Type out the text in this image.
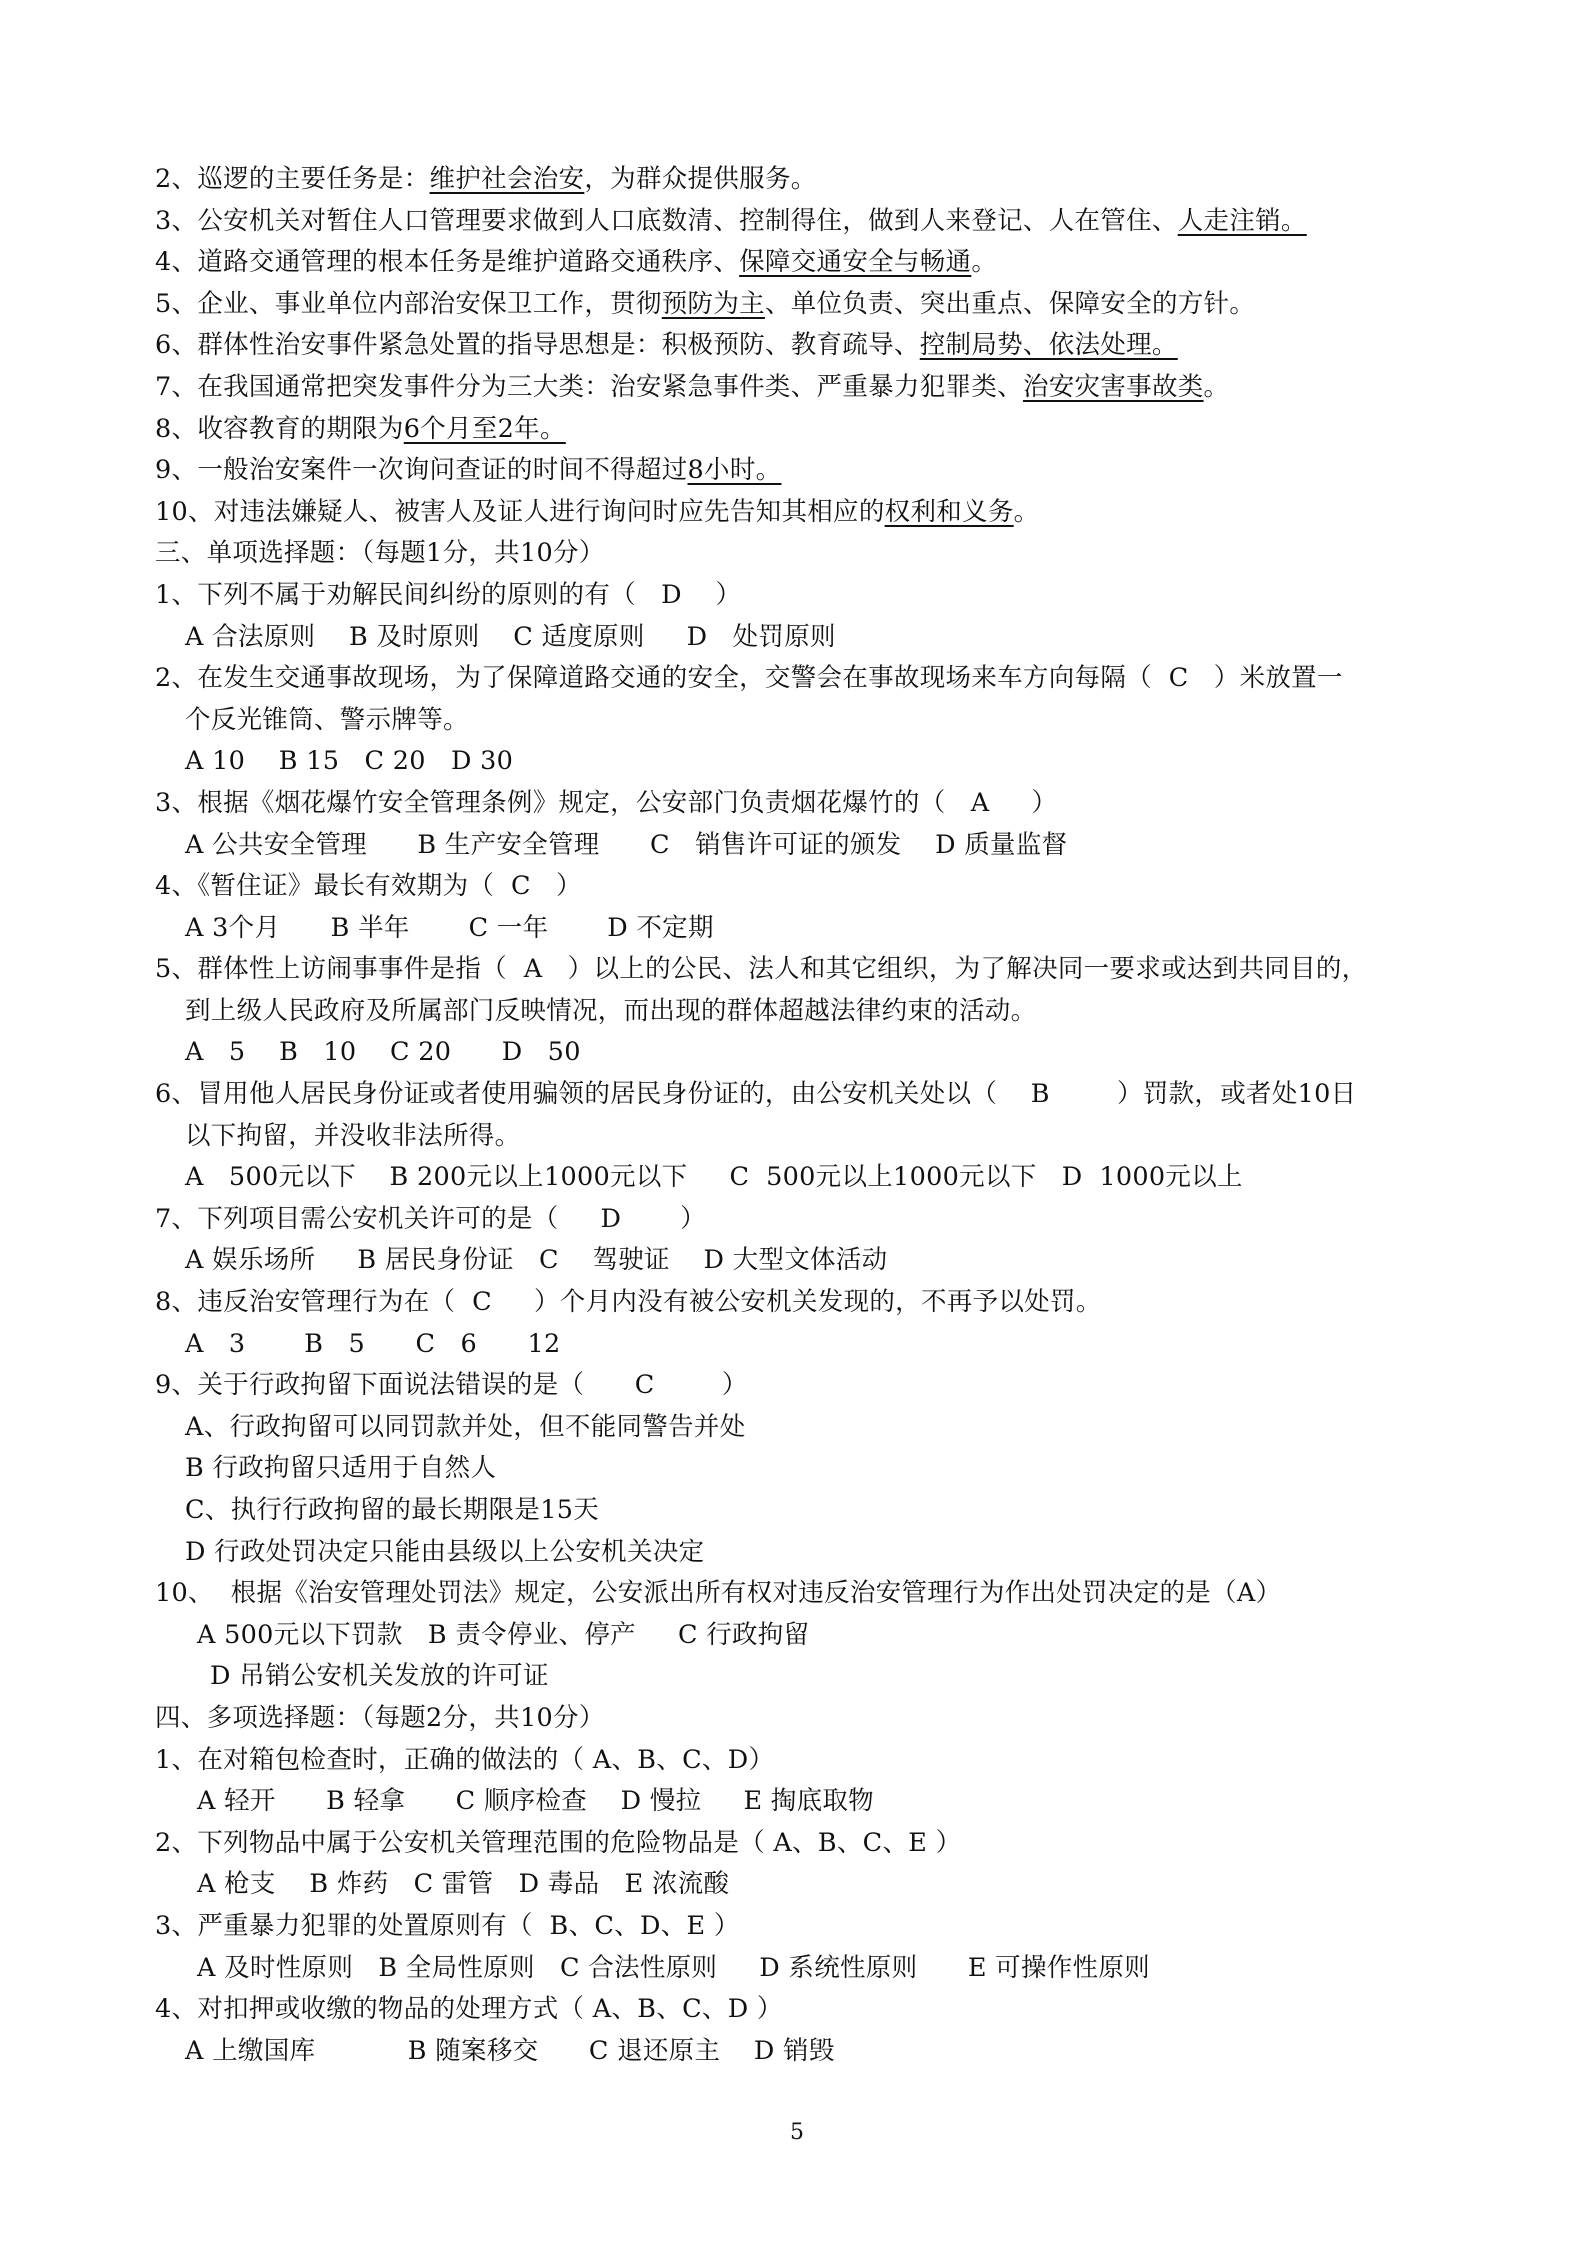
2、巡逻的主要任务是：维护社会治安，为群众提供服务。
3、公安机关对暂住人口管理要求做到人口底数清、控制得住，做到人来登记、人在管住、人走注销。
4、道路交通管理的根本任务是维护道路交通秩序、保障交通安全与畅通。
5、企业、事业单位内部治安保卫工作，贯彻预防为主、单位负责、突出重点、保障安全的方针。
6、群体性治安事件紧急处置的指导思想是：积极预防、教育疏导、控制局势、依法处理。
7、在我国通常把突发事件分为三大类：治安紧急事件类、严重暴力犯罪类、治安灾害事故类。
8、收容教育的期限为6个月至2年。
9、一般治安案件一次询问查证的时间不得超过8小时。
10、对违法嫌疑人、被害人及证人进行询问时应先告知其相应的权利和义务。
三、单项选择题：（每题1分，共10分）
1、下列不属于劝解民间纠纷的原则的有（   D    ）
A 合法原则    B 及时原则    C 适度原则     D   处罚原则
2、在发生交通事故现场，为了保障道路交通的安全，交警会在事故现场来车方向每隔（  C   ）米放置一
个反光锥筒、警示牌等。
A 10    B 15   C 20   D 30
3、根据《烟花爆竹安全管理条例》规定，公安部门负责烟花爆竹的（   A     ）
A 公共安全管理      B 生产安全管理      C   销售许可证的颁发    D 质量监督
4、《暂住证》最长有效期为（  C   ）
A 3个月      B 半年       C 一年       D 不定期
5、群体性上访闹事事件是指（  A   ）以上的公民、法人和其它组织，为了解决同一要求或达到共同目的，
到上级人民政府及所属部门反映情况，而出现的群体超越法律约束的活动。
A   5    B   10    C 20      D   50
6、冒用他人居民身份证或者使用骗领的居民身份证的，由公安机关处以（    B        ）罚款，或者处10日
以下拘留，并没收非法所得。
A   500元以下    B 200元以上1000元以下     C  500元以上1000元以下   D  1000元以上
7、下列项目需公安机关许可的是（     D       ）
A 娱乐场所     B 居民身份证   C    驾驶证    D 大型文体活动
8、违反治安管理行为在（  C     ）个月内没有被公安机关发现的，不再予以处罚。
A   3       B   5      C   6      12
9、关于行政拘留下面说法错误的是（      C        ）
A、行政拘留可以同罚款并处，但不能同警告并处
B 行政拘留只适用于自然人
C、执行行政拘留的最长期限是15天
D 行政处罚决定只能由县级以上公安机关决定
10、  根据《治安管理处罚法》规定，公安派出所有权对违反治安管理行为作出处罚决定的是（A）
A 500元以下罚款   B 责令停业、停产     C 行政拘留
D 吊销公安机关发放的许可证
四、多项选择题：（每题2分，共10分）
1、在对箱包检查时，正确的做法的（ A、B、C、D）
A 轻开      B 轻拿      C 顺序检查    D 慢拉     E 掏底取物
2、下列物品中属于公安机关管理范围的危险物品是（ A、B、C、E ）
A 枪支    B 炸药   C 雷管   D 毒品   E 浓流酸
3、严重暴力犯罪的处置原则有（  B、C、D、E ）
A 及时性原则   B 全局性原则   C 合法性原则     D 系统性原则      E 可操作性原则
4、对扣押或收缴的物品的处理方式（ A、B、C、D ）
A 上缴国库           B 随案移交      C 退还原主    D 销毁
5
